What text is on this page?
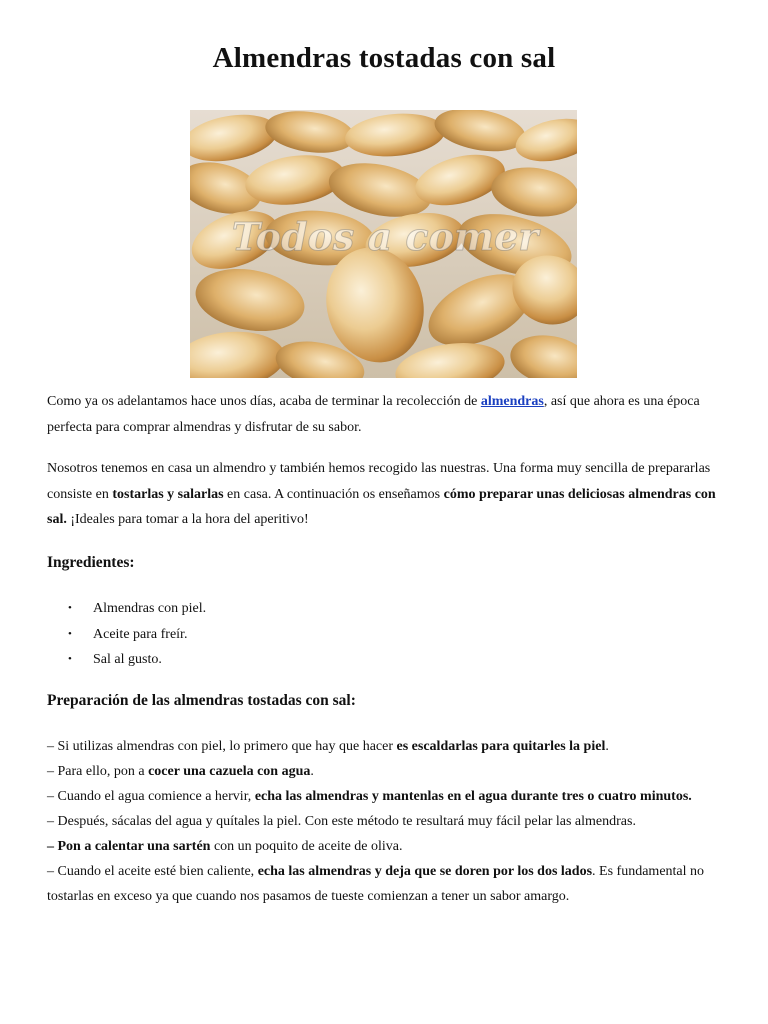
Almendras tostadas con sal
Todos a comer
Como ya os adelantamos hace unos días, acaba de terminar la recolección de almendras, así que ahora es una época perfecta para comprar almendras y disfrutar de su sabor.
Nosotros tenemos en casa un almendro y también hemos recogido las nuestras. Una forma muy sencilla de prepararlas consiste en tostarlas y salarlas en casa. A continuación os enseñamos cómo preparar unas deliciosas almendras con sal. ¡Ideales para tomar a la hora del aperitivo!
Ingredientes:
• Almendras con piel.
• Aceite para freír.
• Sal al gusto.
Preparación de las almendras tostadas con sal:
– Si utilizas almendras con piel, lo primero que hay que hacer es escaldarlas para quitarles la piel.
– Para ello, pon a cocer una cazuela con agua.
– Cuando el agua comience a hervir, echa las almendras y mantenlas en el agua durante tres o cuatro minutos.
– Después, sácalas del agua y quítales la piel. Con este método te resultará muy fácil pelar las almendras.
– Pon a calentar una sartén con un poquito de aceite de oliva.
– Cuando el aceite esté bien caliente, echa las almendras y deja que se doren por los dos lados. Es fundamental no tostarlas en exceso ya que cuando nos pasamos de tueste comienzan a tener un sabor amargo.
